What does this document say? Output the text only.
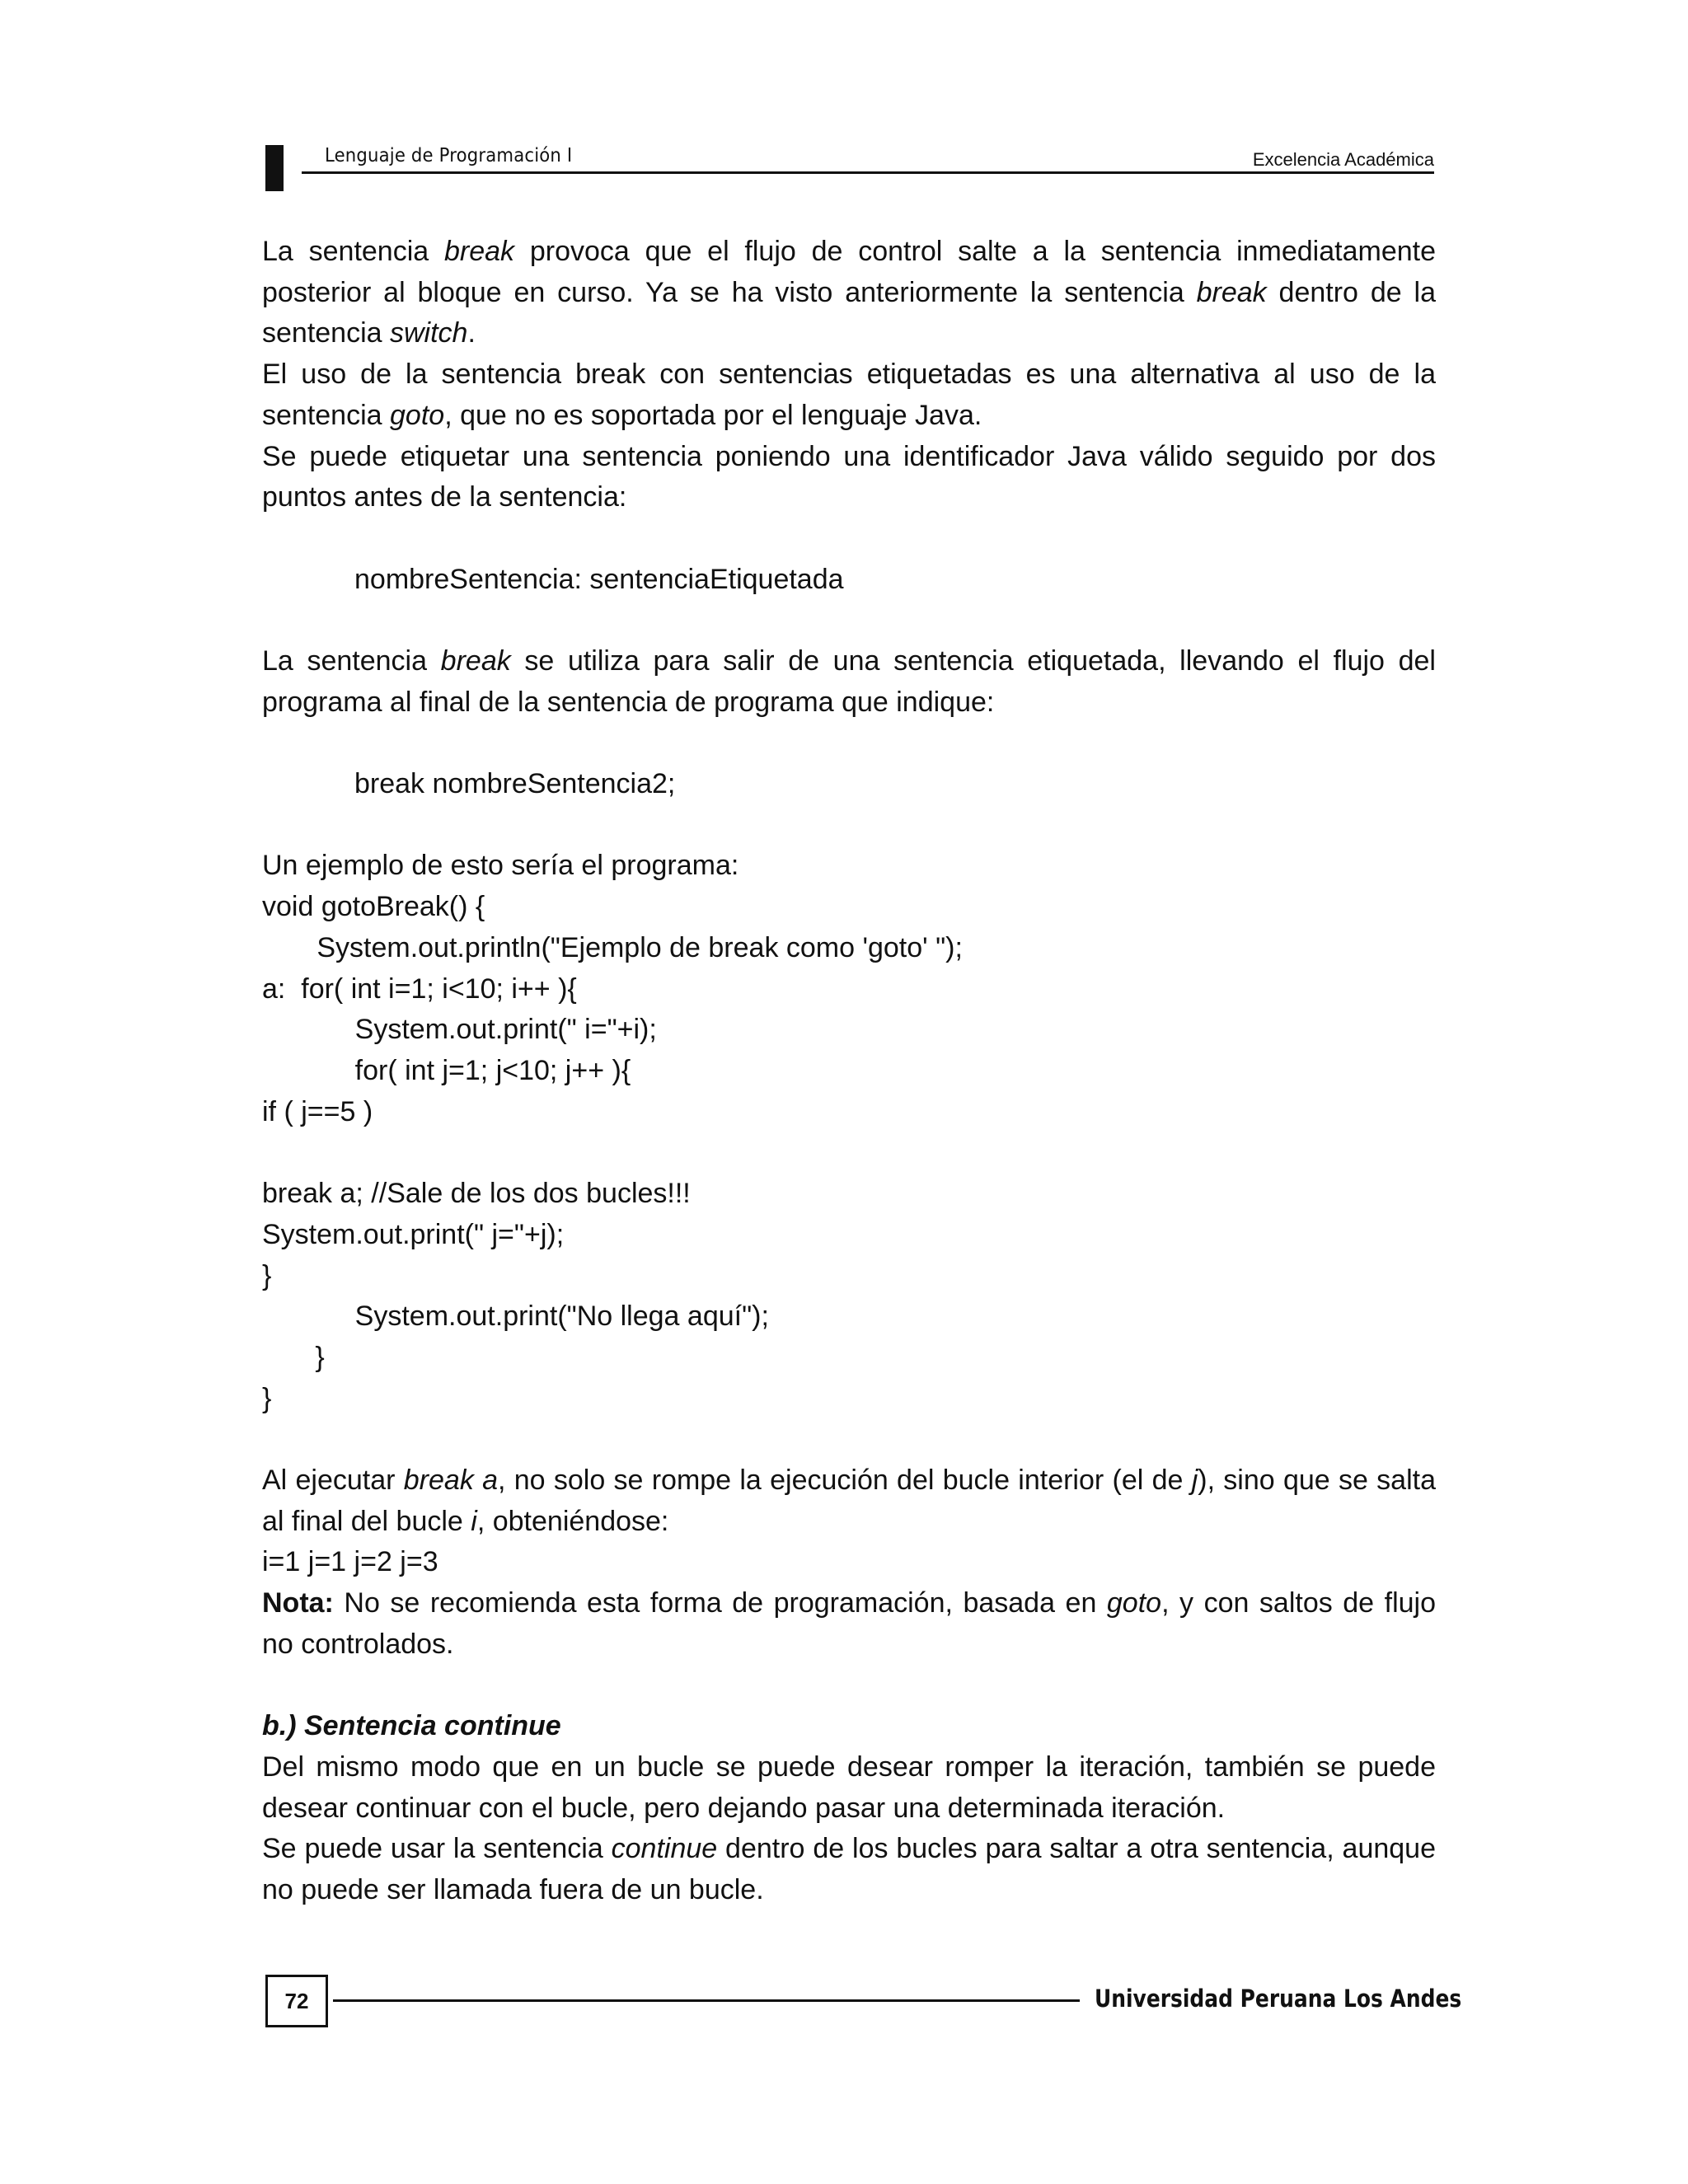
Lenguaje de Programación I	Excelencia Académica

La sentencia break provoca que el flujo de control salte a la sentencia inmediatamente posterior al bloque en curso. Ya se ha visto anteriormente la sentencia break dentro de la sentencia switch.

El uso de la sentencia break con sentencias etiquetadas es una alternativa al uso de la sentencia goto, que no es soportada por el lenguaje Java.

Se puede etiquetar una sentencia poniendo una identificador Java válido seguido por dos puntos antes de la sentencia:

nombreSentencia: sentenciaEtiquetada

La sentencia break se utiliza para salir de una sentencia etiquetada, llevando el flujo del programa al final de la sentencia de programa que indique:

break nombreSentencia2;

Un ejemplo de esto sería el programa:

void gotoBreak() {

System.out.println("Ejemplo de break como 'goto' ");

a:  for( int i=1; i<10; i++ ){

System.out.print(" i="+i);

for( int j=1; j<10; j++ ){

if ( j==5 )

break a; //Sale de los dos bucles!!!

System.out.print(" j="+j);

}

System.out.print("No llega aquí");

}

}

Al ejecutar break a, no solo se rompe la ejecución del bucle interior (el de j), sino que se salta al final del bucle i, obteniéndose:

i=1 j=1 j=2 j=3

Nota: No se recomienda esta forma de programación, basada en goto, y con saltos de flujo no controlados.

b.) Sentencia continue

Del mismo modo que en un bucle se puede desear romper la iteración, también se puede desear continuar con el bucle, pero dejando pasar una determinada iteración.

Se puede usar la sentencia continue dentro de los bucles para saltar a otra sentencia, aunque no puede ser llamada fuera de un bucle.

72	Universidad Peruana Los Andes
